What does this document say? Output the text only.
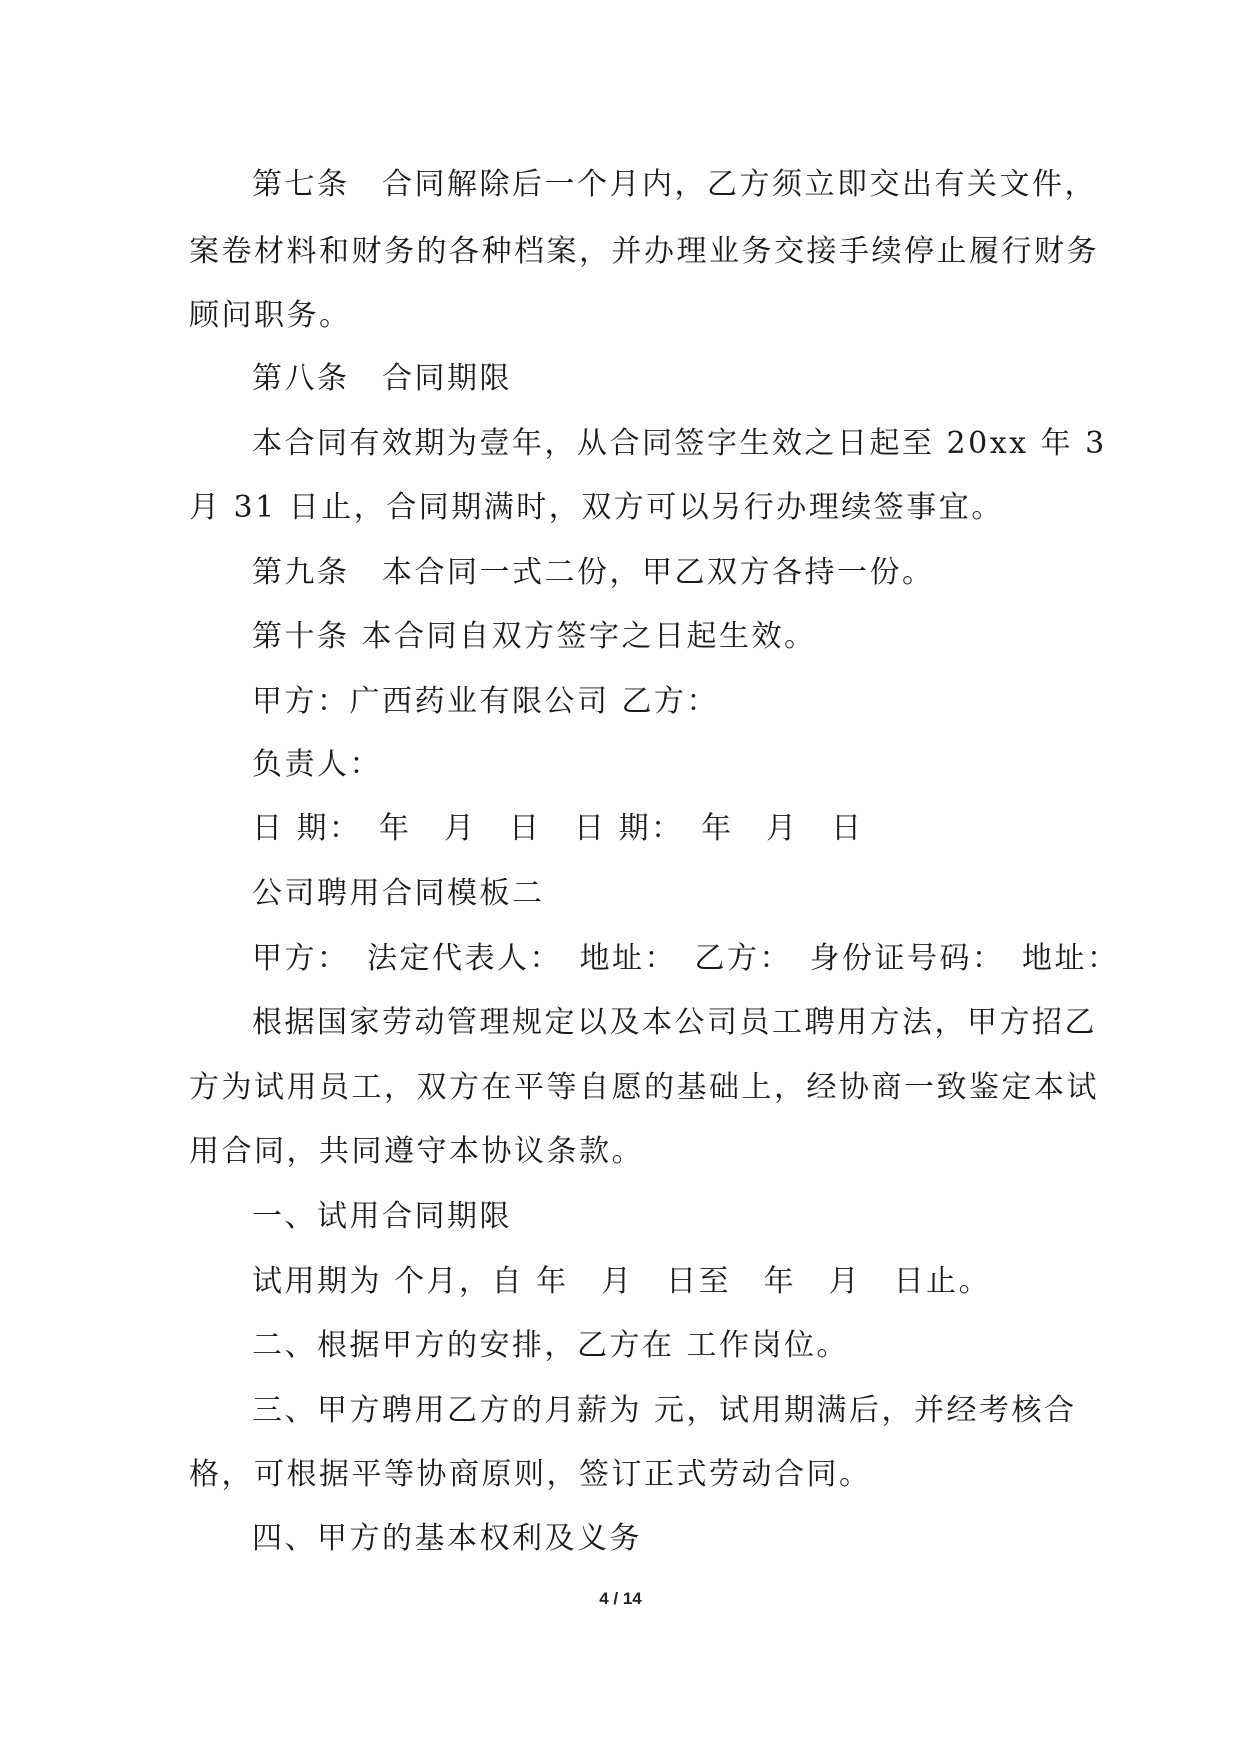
第七条　合同解除后一个月内，乙方须立即交出有关文件，
案卷材料和财务的各种档案，并办理业务交接手续停止履行财务
顾问职务。
第八条　合同期限
本合同有效期为壹年，从合同签字生效之日起至 20xx 年 3
月 31 日止，合同期满时，双方可以另行办理续签事宜。
第九条　本合同一式二份，甲乙双方各持一份。
第十条 本合同自双方签字之日起生效。
甲方：广西药业有限公司 乙方：
负责人：
日 期：　年　月　日　日 期：　年　月　日
公司聘用合同模板二
甲方：　法定代表人：　地址：　乙方：　身份证号码：　地址：
根据国家劳动管理规定以及本公司员工聘用方法，甲方招乙
方为试用员工，双方在平等自愿的基础上，经协商一致鉴定本试
用合同，共同遵守本协议条款。
一、试用合同期限
试用期为 个月，自 年　月　日至　年　月　日止。
二、根据甲方的安排，乙方在 工作岗位。
三、甲方聘用乙方的月薪为 元，试用期满后，并经考核合
格，可根据平等协商原则，签订正式劳动合同。
四、甲方的基本权利及义务
4 / 14
